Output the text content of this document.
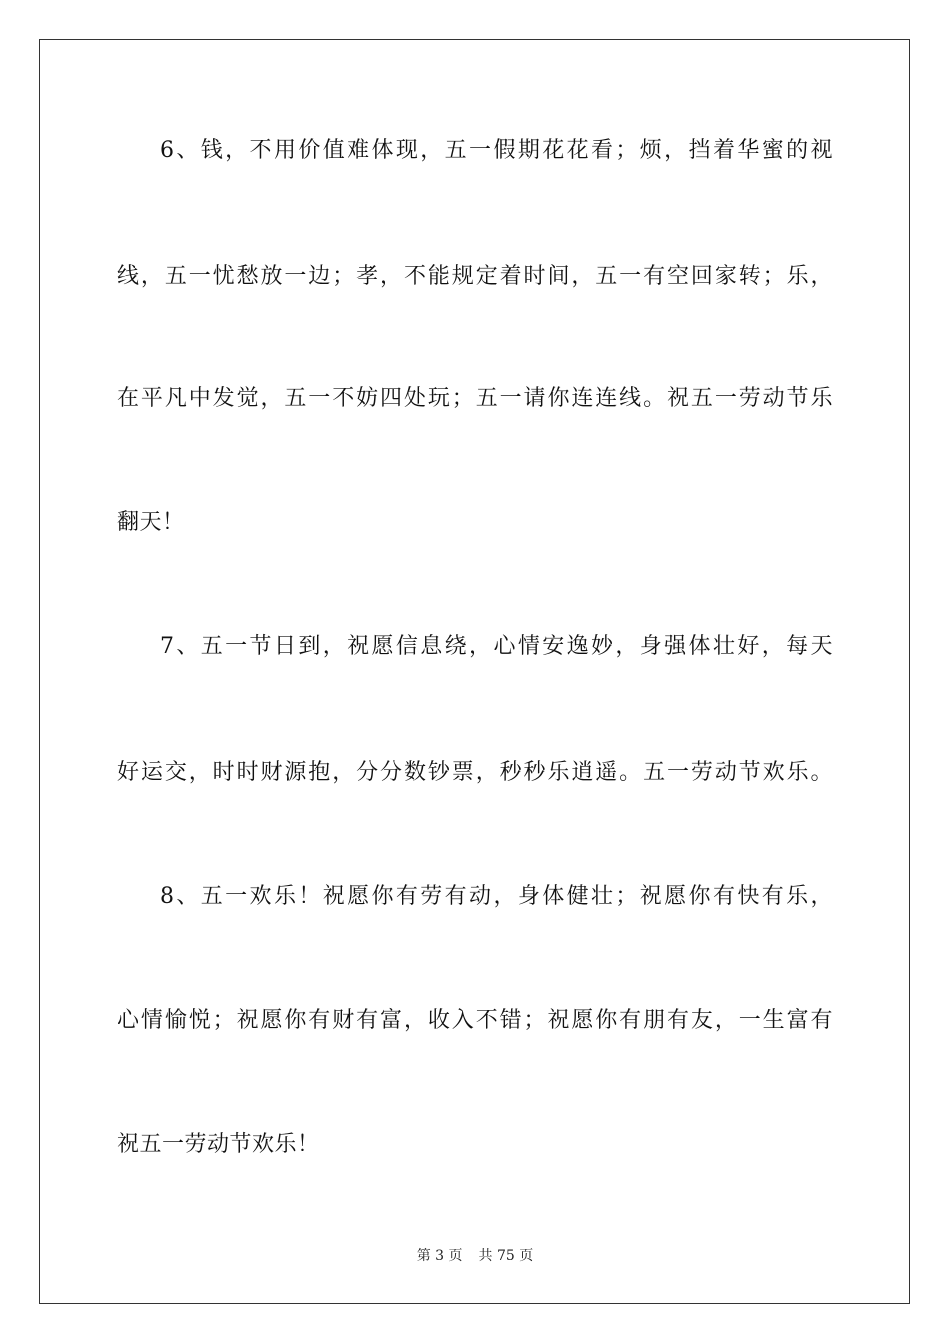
6、钱，不用价值难体现，五一假期花花看；烦，挡着华蜜的视
线，五一忧愁放一边；孝，不能规定着时间，五一有空回家转；乐，
在平凡中发觉，五一不妨四处玩；五一请你连连线。祝五一劳动节乐
翻天！
7、五一节日到，祝愿信息绕，心情安逸妙，身强体壮好，每天
好运交，时时财源抱，分分数钞票，秒秒乐逍遥。五一劳动节欢乐。
8、五一欢乐！祝愿你有劳有动，身体健壮；祝愿你有快有乐，
心情愉悦；祝愿你有财有富，收入不错；祝愿你有朋有友，一生富有
祝五一劳动节欢乐！
第 3 页 共 75 页
